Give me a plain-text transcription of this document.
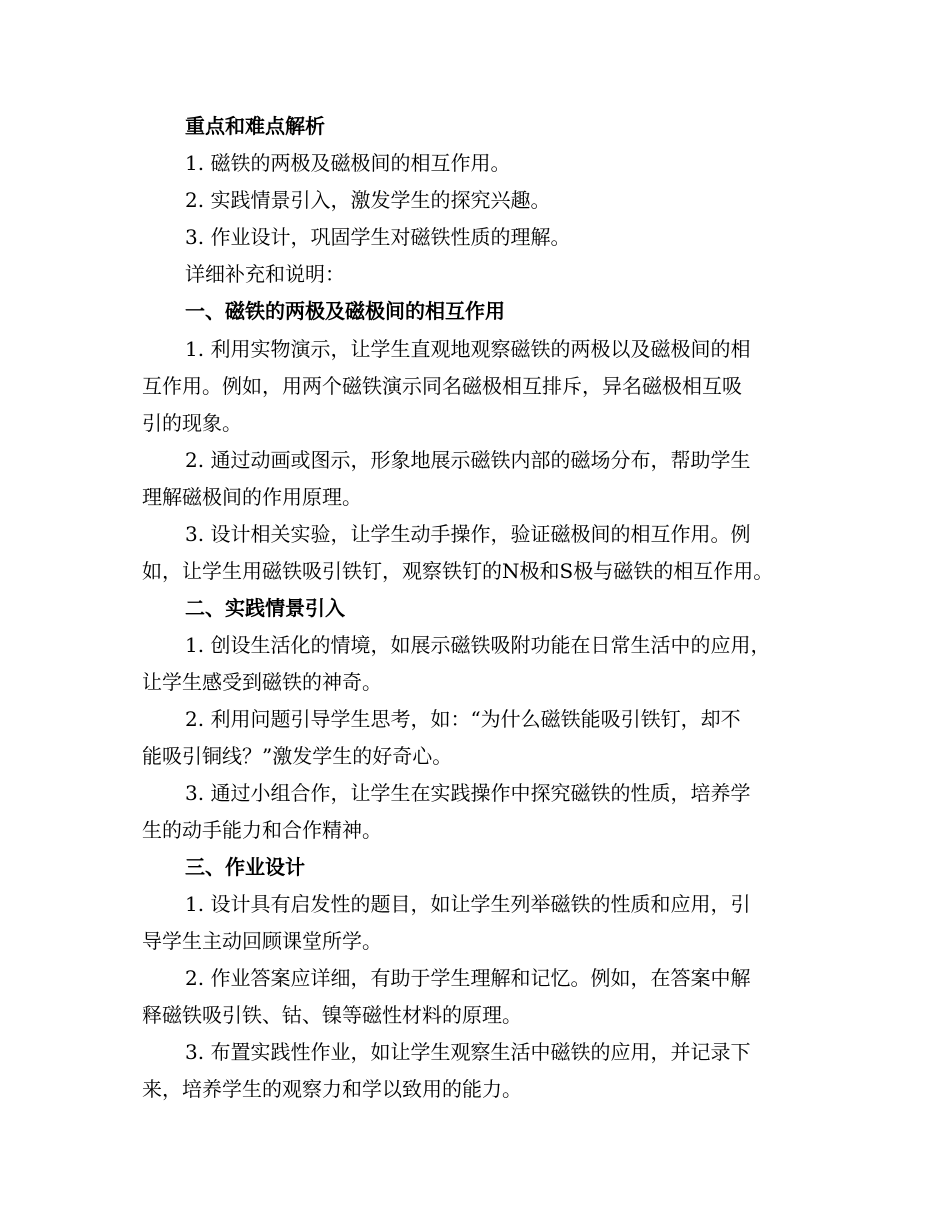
重点和难点解析
1. 磁铁的两极及磁极间的相互作用。
2. 实践情景引入，激发学生的探究兴趣。
3. 作业设计，巩固学生对磁铁性质的理解。
详细补充和说明：
一、磁铁的两极及磁极间的相互作用
1. 利用实物演示，让学生直观地观察磁铁的两极以及磁极间的相
互作用。例如，用两个磁铁演示同名磁极相互排斥，异名磁极相互吸
引的现象。
2. 通过动画或图示，形象地展示磁铁内部的磁场分布，帮助学生
理解磁极间的作用原理。
3. 设计相关实验，让学生动手操作，验证磁极间的相互作用。例
如，让学生用磁铁吸引铁钉，观察铁钉的N极和S极与磁铁的相互作用。
二、实践情景引入
1. 创设生活化的情境，如展示磁铁吸附功能在日常生活中的应用，
让学生感受到磁铁的神奇。
2. 利用问题引导学生思考，如：“为什么磁铁能吸引铁钉，却不
能吸引铜线？”激发学生的好奇心。
3. 通过小组合作，让学生在实践操作中探究磁铁的性质，培养学
生的动手能力和合作精神。
三、作业设计
1. 设计具有启发性的题目，如让学生列举磁铁的性质和应用，引
导学生主动回顾课堂所学。
2. 作业答案应详细，有助于学生理解和记忆。例如，在答案中解
释磁铁吸引铁、钴、镍等磁性材料的原理。
3. 布置实践性作业，如让学生观察生活中磁铁的应用，并记录下
来，培养学生的观察力和学以致用的能力。
